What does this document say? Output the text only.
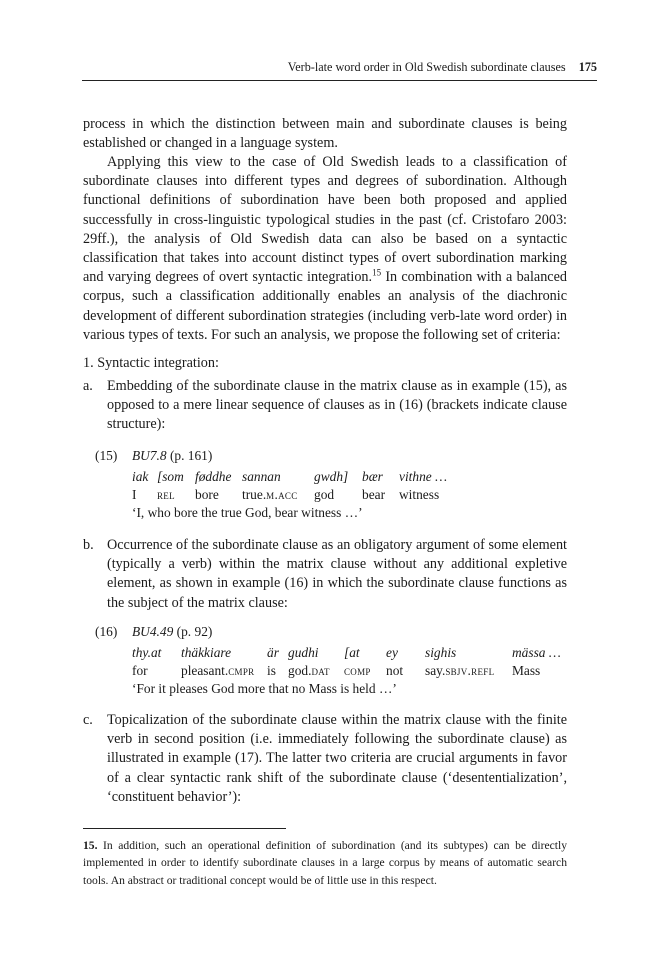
Verb-late word order in Old Swedish subordinate clauses 175
process in which the distinction between main and subordinate clauses is being established or changed in a language system.
Applying this view to the case of Old Swedish leads to a classification of subordinate clauses into different types and degrees of subordination. Although functional definitions of subordination have been both proposed and applied successfully in cross-linguistic typological studies in the past (cf. Cristofaro 2003: 29ff.), the analysis of Old Swedish data can also be based on a syntactic classification that takes into account distinct types of overt subordination marking and varying degrees of overt syntactic integration.$^{15}$ In combination with a balanced corpus, such a classification additionally enables an analysis of the diachronic development of different subordination strategies (including verb-late word order) in various types of texts. For such an analysis, we propose the following set of criteria:
1. Syntactic integration:
a. Embedding of the subordinate clause in the matrix clause as in example (15), as opposed to a mere linear sequence of clauses as in (16) (brackets indicate clause structure):
(15) BU7.8 (p. 161)
iak [som føddhe sannan gwdh] bær vithne …
I rel bore true.m.acc god bear witness
‘I, who bore the true God, bear witness …’
b. Occurrence of the subordinate clause as an obligatory argument of some element (typically a verb) within the matrix clause without any additional expletive element, as shown in example (16) in which the subordinate clause functions as the subject of the matrix clause:
(16) BU4.49 (p. 92)
thy.at thäkkiare	är gudhi [at ey sighis	mässa …
for pleasant.cmpr is god.dat comp not say.sbjv.refl Mass
‘For it pleases God more that no Mass is held …’
c. Topicalization of the subordinate clause within the matrix clause with the finite verb in second position (i.e. immediately following the subordinate clause) as illustrated in example (17). The latter two criteria are crucial arguments in favor of a clear syntactic rank shift of the subordinate clause (‘desententialization’, ‘constituent behavior’):
15. In addition, such an operational definition of subordination (and its subtypes) can be directly implemented in order to identify subordinate clauses in a large corpus by means of automatic search tools. An abstract or traditional concept would be of little use in this respect.
